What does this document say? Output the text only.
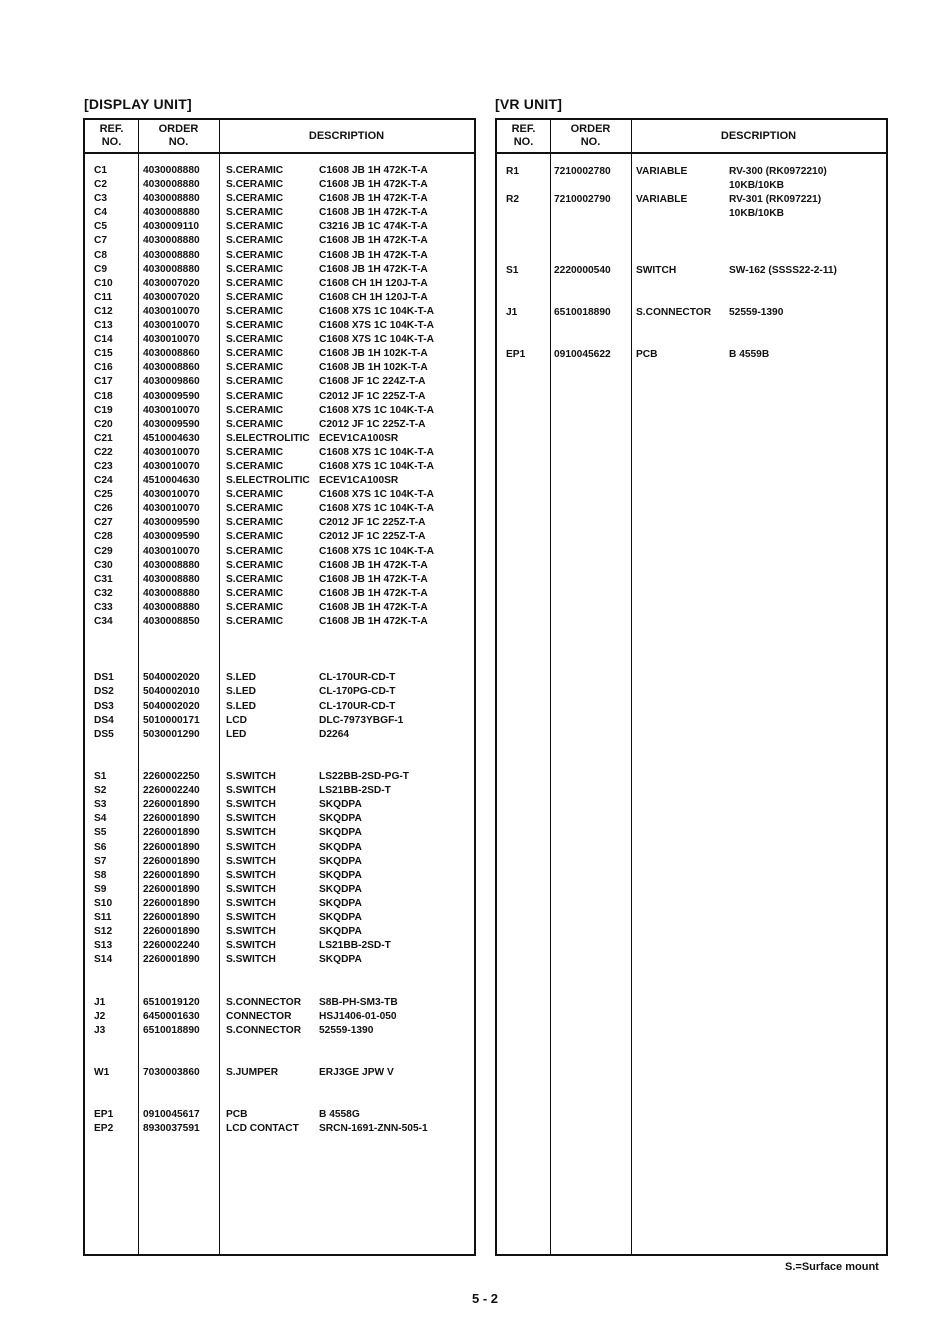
[DISPLAY UNIT]
REF.
NO.
ORDER
NO.
DESCRIPTION
C1	4030008880	S.CERAMIC	C1608 JB 1H 472K-T-A
C2	4030008880	S.CERAMIC	C1608 JB 1H 472K-T-A
C3	4030008880	S.CERAMIC	C1608 JB 1H 472K-T-A
C4	4030008880	S.CERAMIC	C1608 JB 1H 472K-T-A
C5	4030009110	S.CERAMIC	C3216 JB 1C 474K-T-A
C7	4030008880	S.CERAMIC	C1608 JB 1H 472K-T-A
C8	4030008880	S.CERAMIC	C1608 JB 1H 472K-T-A
C9	4030008880	S.CERAMIC	C1608 JB 1H 472K-T-A
C10	4030007020	S.CERAMIC	C1608 CH 1H 120J-T-A
C11	4030007020	S.CERAMIC	C1608 CH 1H 120J-T-A
C12	4030010070	S.CERAMIC	C1608 X7S 1C 104K-T-A
C13	4030010070	S.CERAMIC	C1608 X7S 1C 104K-T-A
C14	4030010070	S.CERAMIC	C1608 X7S 1C 104K-T-A
C15	4030008860	S.CERAMIC	C1608 JB 1H 102K-T-A
C16	4030008860	S.CERAMIC	C1608 JB 1H 102K-T-A
C17	4030009860	S.CERAMIC	C1608 JF 1C 224Z-T-A
C18	4030009590	S.CERAMIC	C2012 JF 1C 225Z-T-A
C19	4030010070	S.CERAMIC	C1608 X7S 1C 104K-T-A
C20	4030009590	S.CERAMIC	C2012 JF 1C 225Z-T-A
C21	4510004630	S.ELECTROLITIC ECEV1CA100SR
C22	4030010070	S.CERAMIC	C1608 X7S 1C 104K-T-A
C23	4030010070	S.CERAMIC	C1608 X7S 1C 104K-T-A
C24	4510004630	S.ELECTROLITIC ECEV1CA100SR
C25	4030010070	S.CERAMIC	C1608 X7S 1C 104K-T-A
C26	4030010070	S.CERAMIC	C1608 X7S 1C 104K-T-A
C27	4030009590	S.CERAMIC	C2012 JF 1C 225Z-T-A
C28	4030009590	S.CERAMIC	C2012 JF 1C 225Z-T-A
C29	4030010070	S.CERAMIC	C1608 X7S 1C 104K-T-A
C30	4030008880	S.CERAMIC	C1608 JB 1H 472K-T-A
C31	4030008880	S.CERAMIC	C1608 JB 1H 472K-T-A
C32	4030008880	S.CERAMIC	C1608 JB 1H 472K-T-A
C33	4030008880	S.CERAMIC	C1608 JB 1H 472K-T-A
C34	4030008850	S.CERAMIC	C1608 JB 1H 472K-T-A
DS1	5040002020	S.LED	CL-170UR-CD-T
DS2	5040002010	S.LED	CL-170PG-CD-T
DS3	5040002020	S.LED	CL-170UR-CD-T
DS4	5010000171	LCD	DLC-7973YBGF-1
DS5	5030001290	LED	D2264
S1	2260002250	S.SWITCH	LS22BB-2SD-PG-T
S2	2260002240	S.SWITCH	LS21BB-2SD-T
S3	2260001890	S.SWITCH	SKQDPA
S4	2260001890	S.SWITCH	SKQDPA
S5	2260001890	S.SWITCH	SKQDPA
S6	2260001890	S.SWITCH	SKQDPA
S7	2260001890	S.SWITCH	SKQDPA
S8	2260001890	S.SWITCH	SKQDPA
S9	2260001890	S.SWITCH	SKQDPA
S10	2260001890	S.SWITCH	SKQDPA
S11	2260001890	S.SWITCH	SKQDPA
S12	2260001890	S.SWITCH	SKQDPA
S13	2260002240	S.SWITCH	LS21BB-2SD-T
S14	2260001890	S.SWITCH	SKQDPA
J1	6510019120	S.CONNECTOR S8B-PH-SM3-TB
J2	6450001630	CONNECTOR	HSJ1406-01-050
J3	6510018890	S.CONNECTOR 52559-1390
W1	7030003860	S.JUMPER	ERJ3GE JPW V
EP1	0910045617	PCB	B 4558G
EP2	8930037591	LCD CONTACT SRCN-1691-ZNN-505-1
[VR UNIT]
REF.
NO.
ORDER
NO.
DESCRIPTION
R1	7210002780 VARIABLE	RV-300 (RK0972210)
10KB/10KB
R2	7210002790 VARIABLE	RV-301 (RK097221)
10KB/10KB
S1	2220000540 SWITCH	SW-162 (SSSS22-2-11)
J1	6510018890 S.CONNECTOR 52559-1390
EP1	0910045622 PCB	B 4559B
S.=Surface mount
5 - 2
